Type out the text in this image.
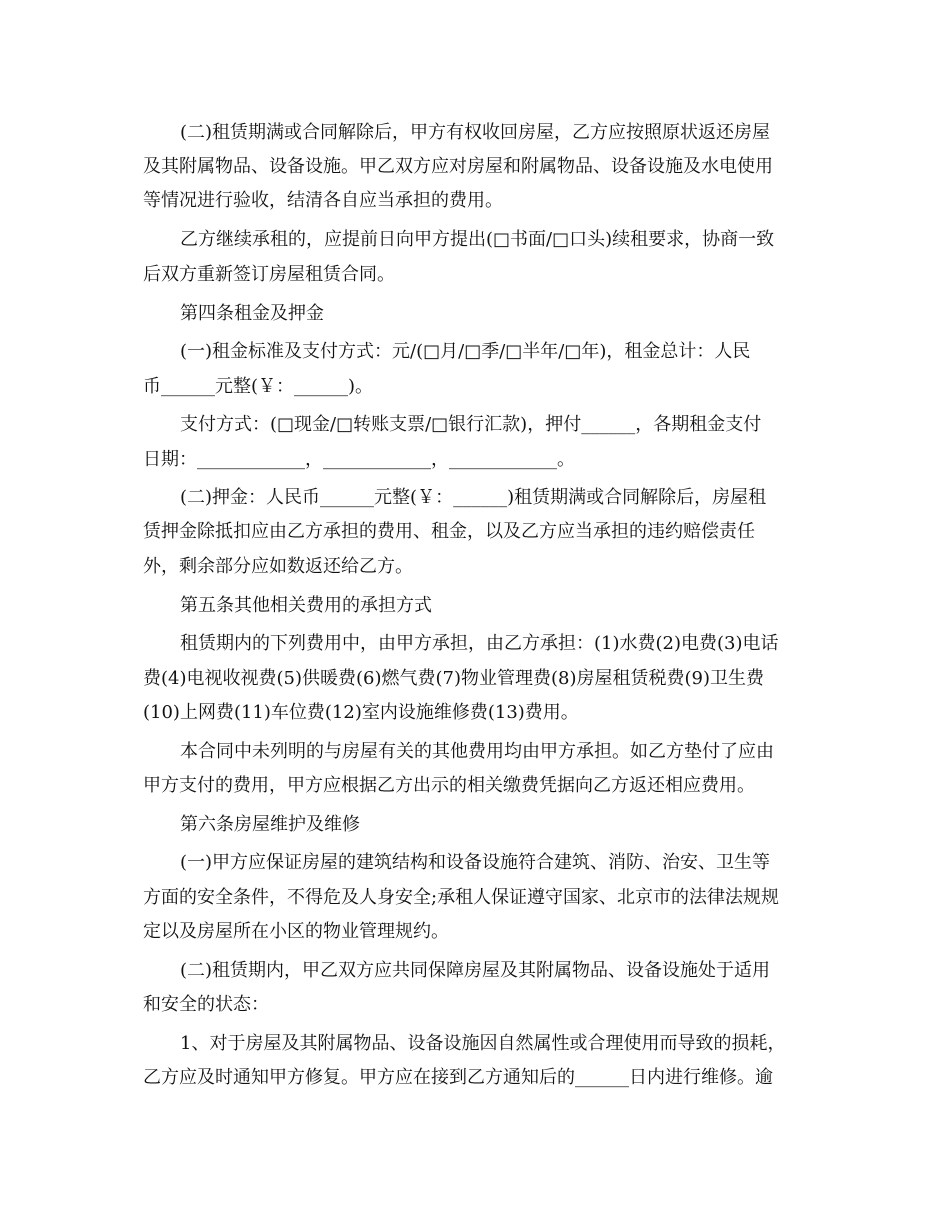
(二)租赁期满或合同解除后，甲方有权收回房屋，乙方应按照原状返还房屋
及其附属物品、设备设施。甲乙双方应对房屋和附属物品、设备设施及水电使用
等情况进行验收，结清各自应当承担的费用。
乙方继续承租的，应提前日向甲方提出(□书面/□口头)续租要求，协商一致
后双方重新签订房屋租赁合同。
第四条租金及押金
(一)租金标准及支付方式：元/(□月/□季/□半年/□年)，租金总计：人民
币______元整(￥：______)。
支付方式：(□现金/□转账支票/□银行汇款)，押付______，各期租金支付
日期：____________，____________，____________。
(二)押金：人民币______元整(￥：______)租赁期满或合同解除后，房屋租
赁押金除抵扣应由乙方承担的费用、租金，以及乙方应当承担的违约赔偿责任
外，剩余部分应如数返还给乙方。
第五条其他相关费用的承担方式
租赁期内的下列费用中，由甲方承担，由乙方承担：(1)水费(2)电费(3)电话
费(4)电视收视费(5)供暖费(6)燃气费(7)物业管理费(8)房屋租赁税费(9)卫生费
(10)上网费(11)车位费(12)室内设施维修费(13)费用。
本合同中未列明的与房屋有关的其他费用均由甲方承担。如乙方垫付了应由
甲方支付的费用，甲方应根据乙方出示的相关缴费凭据向乙方返还相应费用。
第六条房屋维护及维修
(一)甲方应保证房屋的建筑结构和设备设施符合建筑、消防、治安、卫生等
方面的安全条件，不得危及人身安全;承租人保证遵守国家、北京市的法律法规规
定以及房屋所在小区的物业管理规约。
(二)租赁期内，甲乙双方应共同保障房屋及其附属物品、设备设施处于适用
和安全的状态：
1、对于房屋及其附属物品、设备设施因自然属性或合理使用而导致的损耗，
乙方应及时通知甲方修复。甲方应在接到乙方通知后的______日内进行维修。逾
